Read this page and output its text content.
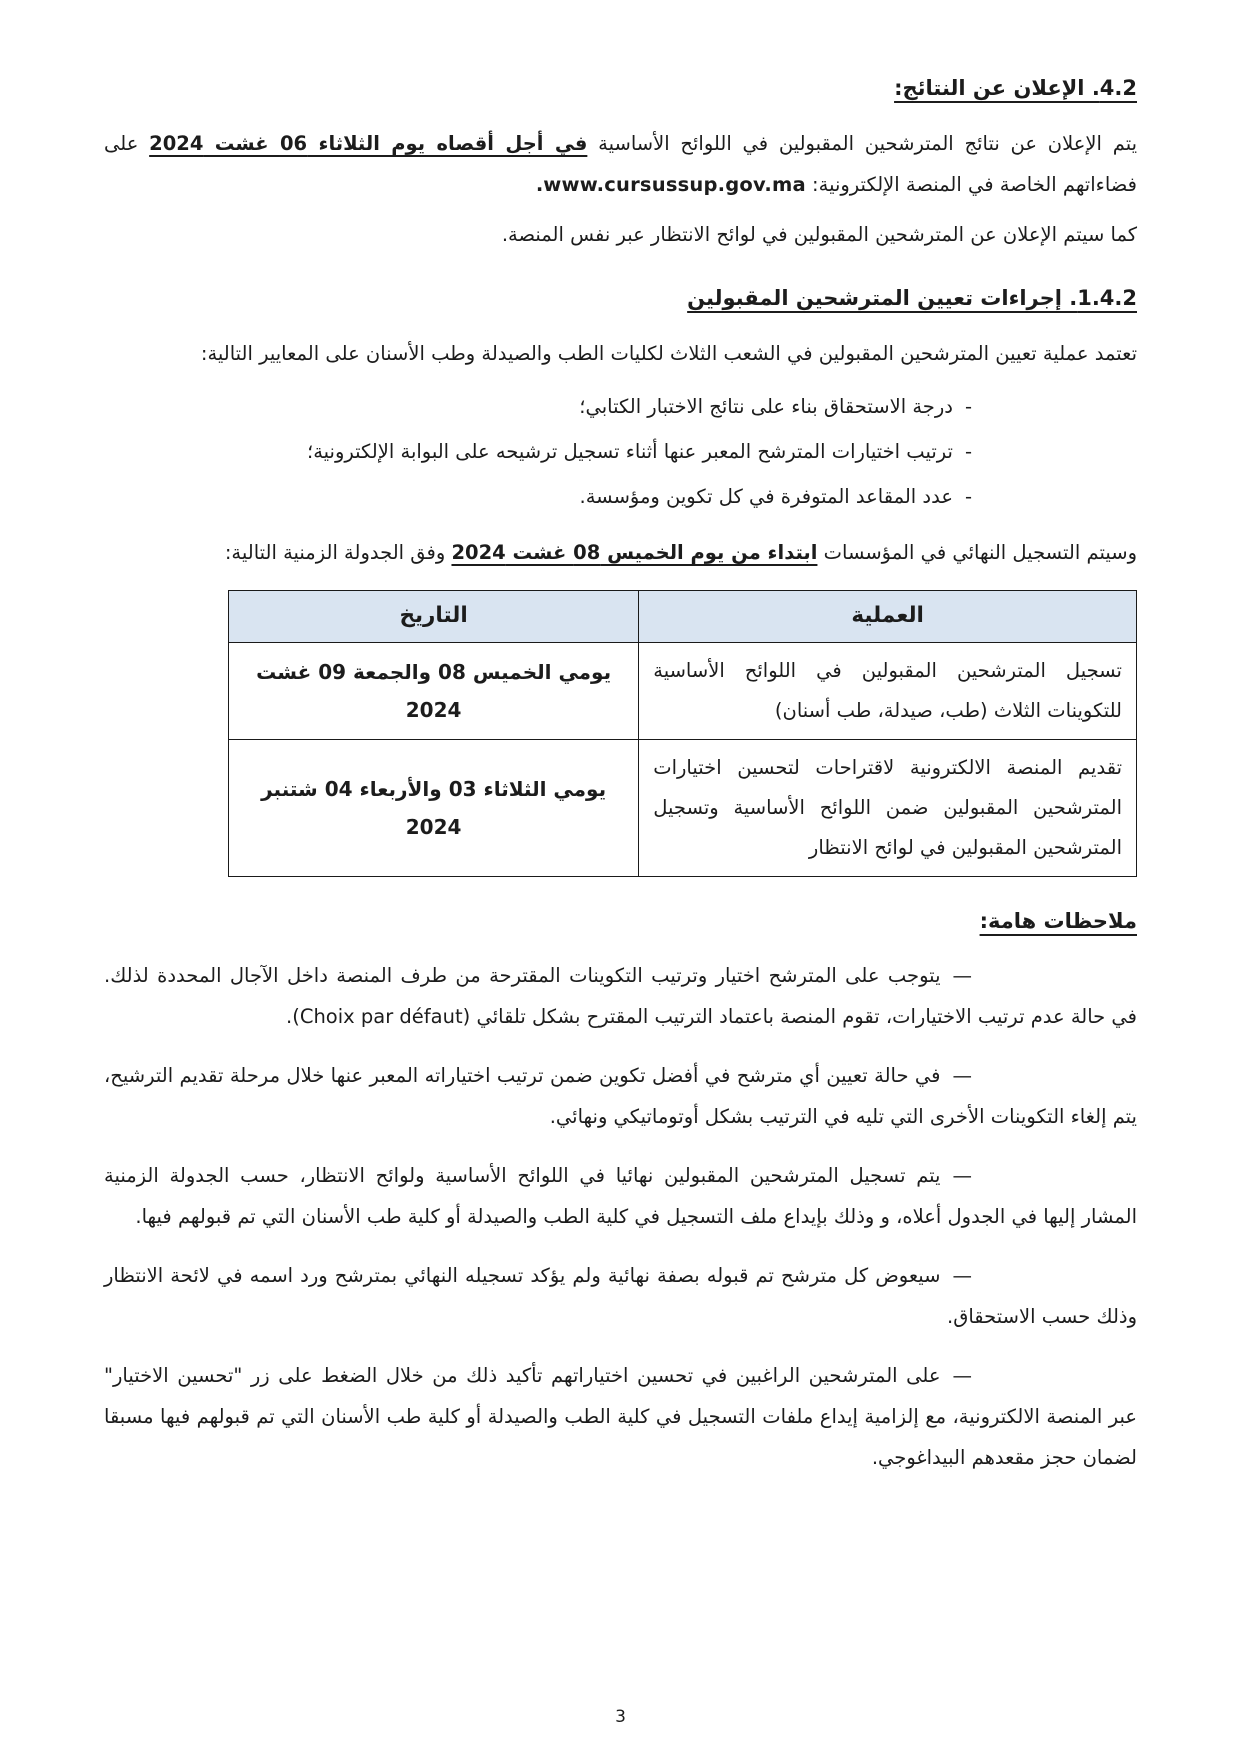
4.2. الإعلان عن النتائج:

يتم الإعلان عن نتائج المترشحين المقبولين في اللوائح الأساسية في أجل أقصاه يوم الثلاثاء 06 غشت 2024 على فضاءاتهم الخاصة في المنصة الإلكترونية: www.cursussup.gov.ma.

كما سيتم الإعلان عن المترشحين المقبولين في لوائح الانتظار عبر نفس المنصة.

1.4.2. إجراءات تعيين المترشحين المقبولين

تعتمد عملية تعيين المترشحين المقبولين في الشعب الثلاث لكليات الطب والصيدلة وطب الأسنان على المعايير التالية:

-درجة الاستحقاق بناء على نتائج الاختبار الكتابي؛
-ترتيب اختيارات المترشح المعبر عنها أثناء تسجيل ترشيحه على البوابة الإلكترونية؛
-عدد المقاعد المتوفرة في كل تكوين ومؤسسة.

وسيتم التسجيل النهائي في المؤسسات ابتداء من يوم الخميس 08 غشت 2024 وفق الجدولة الزمنية التالية:

العملية	التاريخ
تسجيل المترشحين المقبولين في اللوائح الأساسية للتكوينات الثلاث (طب، صيدلة، طب أسنان)	يومي الخميس 08 والجمعة 09 غشت 2024
تقديم المنصة الالكترونية لاقتراحات لتحسين اختيارات المترشحين المقبولين ضمن اللوائح الأساسية وتسجيل المترشحين المقبولين في لوائح الانتظار	يومي الثلاثاء 03 والأربعاء 04 شتنبر 2024
ملاحظات هامة:
—يتوجب على المترشح اختيار وترتيب التكوينات المقترحة من طرف المنصة داخل الآجال المحددة لذلك. في حالة عدم ترتيب الاختيارات، تقوم المنصة باعتماد الترتيب المقترح بشكل تلقائي (Choix par défaut).
—في حالة تعيين أي مترشح في أفضل تكوين ضمن ترتيب اختياراته المعبر عنها خلال مرحلة تقديم الترشيح، يتم إلغاء التكوينات الأخرى التي تليه في الترتيب بشكل أوتوماتيكي ونهائي.
—يتم تسجيل المترشحين المقبولين نهائيا في اللوائح الأساسية ولوائح الانتظار، حسب الجدولة الزمنية المشار إليها في الجدول أعلاه، و وذلك بإيداع ملف التسجيل في كلية الطب والصيدلة أو كلية طب الأسنان التي تم قبولهم فيها.
—سيعوض كل مترشح تم قبوله بصفة نهائية ولم يؤكد تسجيله النهائي بمترشح ورد اسمه في لائحة الانتظار وذلك حسب الاستحقاق.
—على المترشحين الراغبين في تحسين اختياراتهم تأكيد ذلك من خلال الضغط على زر "تحسين الاختيار" عبر المنصة الالكترونية، مع إلزامية إيداع ملفات التسجيل في كلية الطب والصيدلة أو كلية طب الأسنان التي تم قبولهم فيها مسبقا لضمان حجز مقعدهم البيداغوجي.
3
